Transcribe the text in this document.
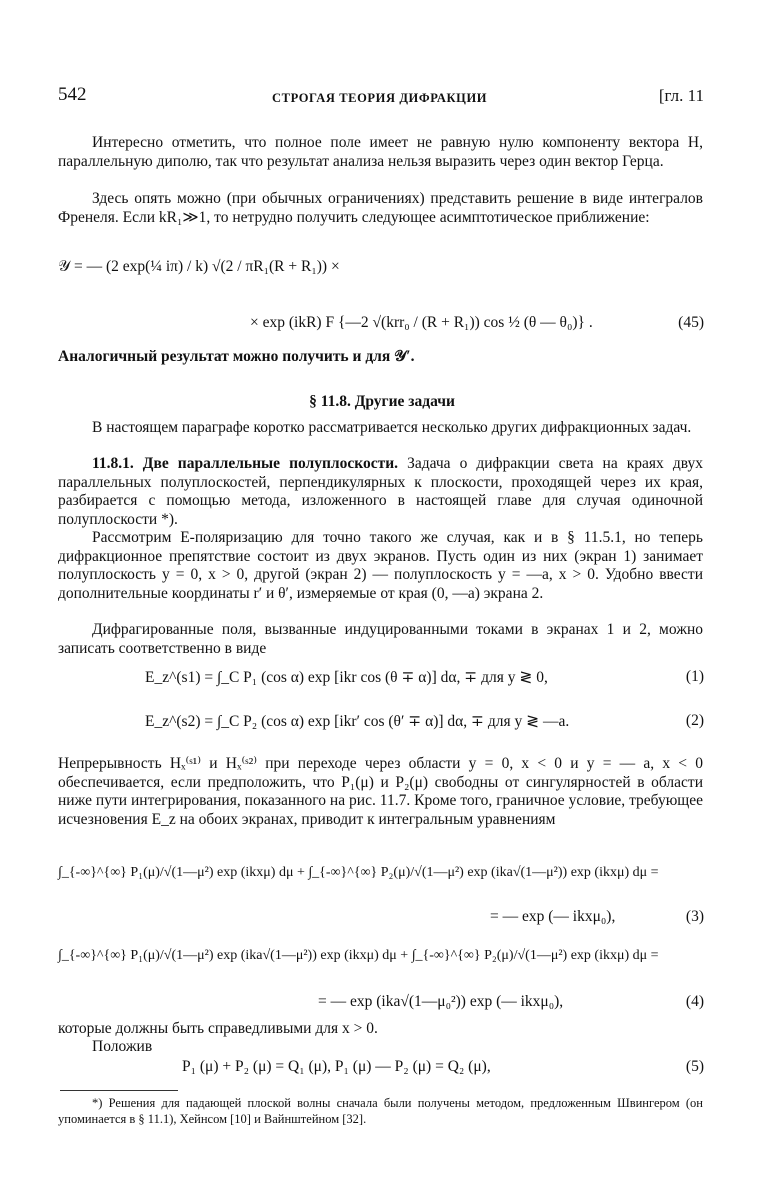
542	СТРОГАЯ ТЕОРИЯ ДИФРАКЦИИ	[гл. 11
Интересно отметить, что полное поле имеет не равную нулю компоненту вектора H, параллельную диполю, так что результат анализа нельзя выразить через один вектор Герца.
Здесь опять можно (при обычных ограничениях) представить решение в виде интегралов Френеля. Если kR₁≫1, то нетрудно получить следующее асимптотическое приближение:
𝒴 = — (2 exp(¼ iπ) / k) √(2 / πR₁(R + R₁)) ×
× exp (ikR) F {—2 √(krr₀ / (R + R₁)) cos ½ (θ — θ₀)} .	(45)
Аналогичный результат можно получить и для 𝒴′.
§ 11.8. Другие задачи
В настоящем параграфе коротко рассматривается несколько других дифракционных задач.
11.8.1. Две параллельные полуплоскости. Задача о дифракции света на краях двух параллельных полуплоскостей, перпендикулярных к плоскости, проходящей через их края, разбирается с помощью метода, изложенного в настоящей главе для случая одиночной полуплоскости *).
Рассмотрим E-поляризацию для точно такого же случая, как и в § 11.5.1, но теперь дифракционное препятствие состоит из двух экранов. Пусть один из них (экран 1) занимает полуплоскость y = 0, x > 0, другой (экран 2) — полуплоскость y = —a, x > 0. Удобно ввести дополнительные координаты r′ и θ′, измеряемые от края (0, —a) экрана 2.
Дифрагированные поля, вызванные индуцированными токами в экранах 1 и 2, можно записать соответственно в виде
E_z^(s1) = ∫_C P₁ (cos α) exp [ikr cos (θ ∓ α)] dα, ∓ для y ≷ 0,	(1)
E_z^(s2) = ∫_C P₂ (cos α) exp [ikr′ cos (θ′ ∓ α)] dα, ∓ для y ≷ —a.	(2)
Непрерывность Hₓ⁽ˢ¹⁾ и Hₓ⁽ˢ²⁾ при переходе через области y = 0, x < 0 и y = — a, x < 0 обеспечивается, если предположить, что P₁(μ) и P₂(μ) свободны от сингулярностей в области ниже пути интегрирования, показанного на рис. 11.7. Кроме того, граничное условие, требующее исчезновения E_z на обоих экранах, приводит к интегральным уравнениям
∫_{-∞}^{∞} P₁(μ)/√(1—μ²) exp (ikxμ) dμ + ∫_{-∞}^{∞} P₂(μ)/√(1—μ²) exp (ika√(1—μ²)) exp (ikxμ) dμ =
= — exp (— ikxμ₀),	(3)
∫_{-∞}^{∞} P₁(μ)/√(1—μ²) exp (ika√(1—μ²)) exp (ikxμ) dμ + ∫_{-∞}^{∞} P₂(μ)/√(1—μ²) exp (ikxμ) dμ =
= — exp (ika√(1—μ₀²)) exp (— ikxμ₀),	(4)
которые должны быть справедливыми для x > 0.
Положив
P₁ (μ) + P₂ (μ) = Q₁ (μ), P₁ (μ) — P₂ (μ) = Q₂ (μ),	(5)
*) Решения для падающей плоской волны сначала были получены методом, предложенным Швингером (он упоминается в § 11.1), Хейнсом [10] и Вайнштейном [32].
